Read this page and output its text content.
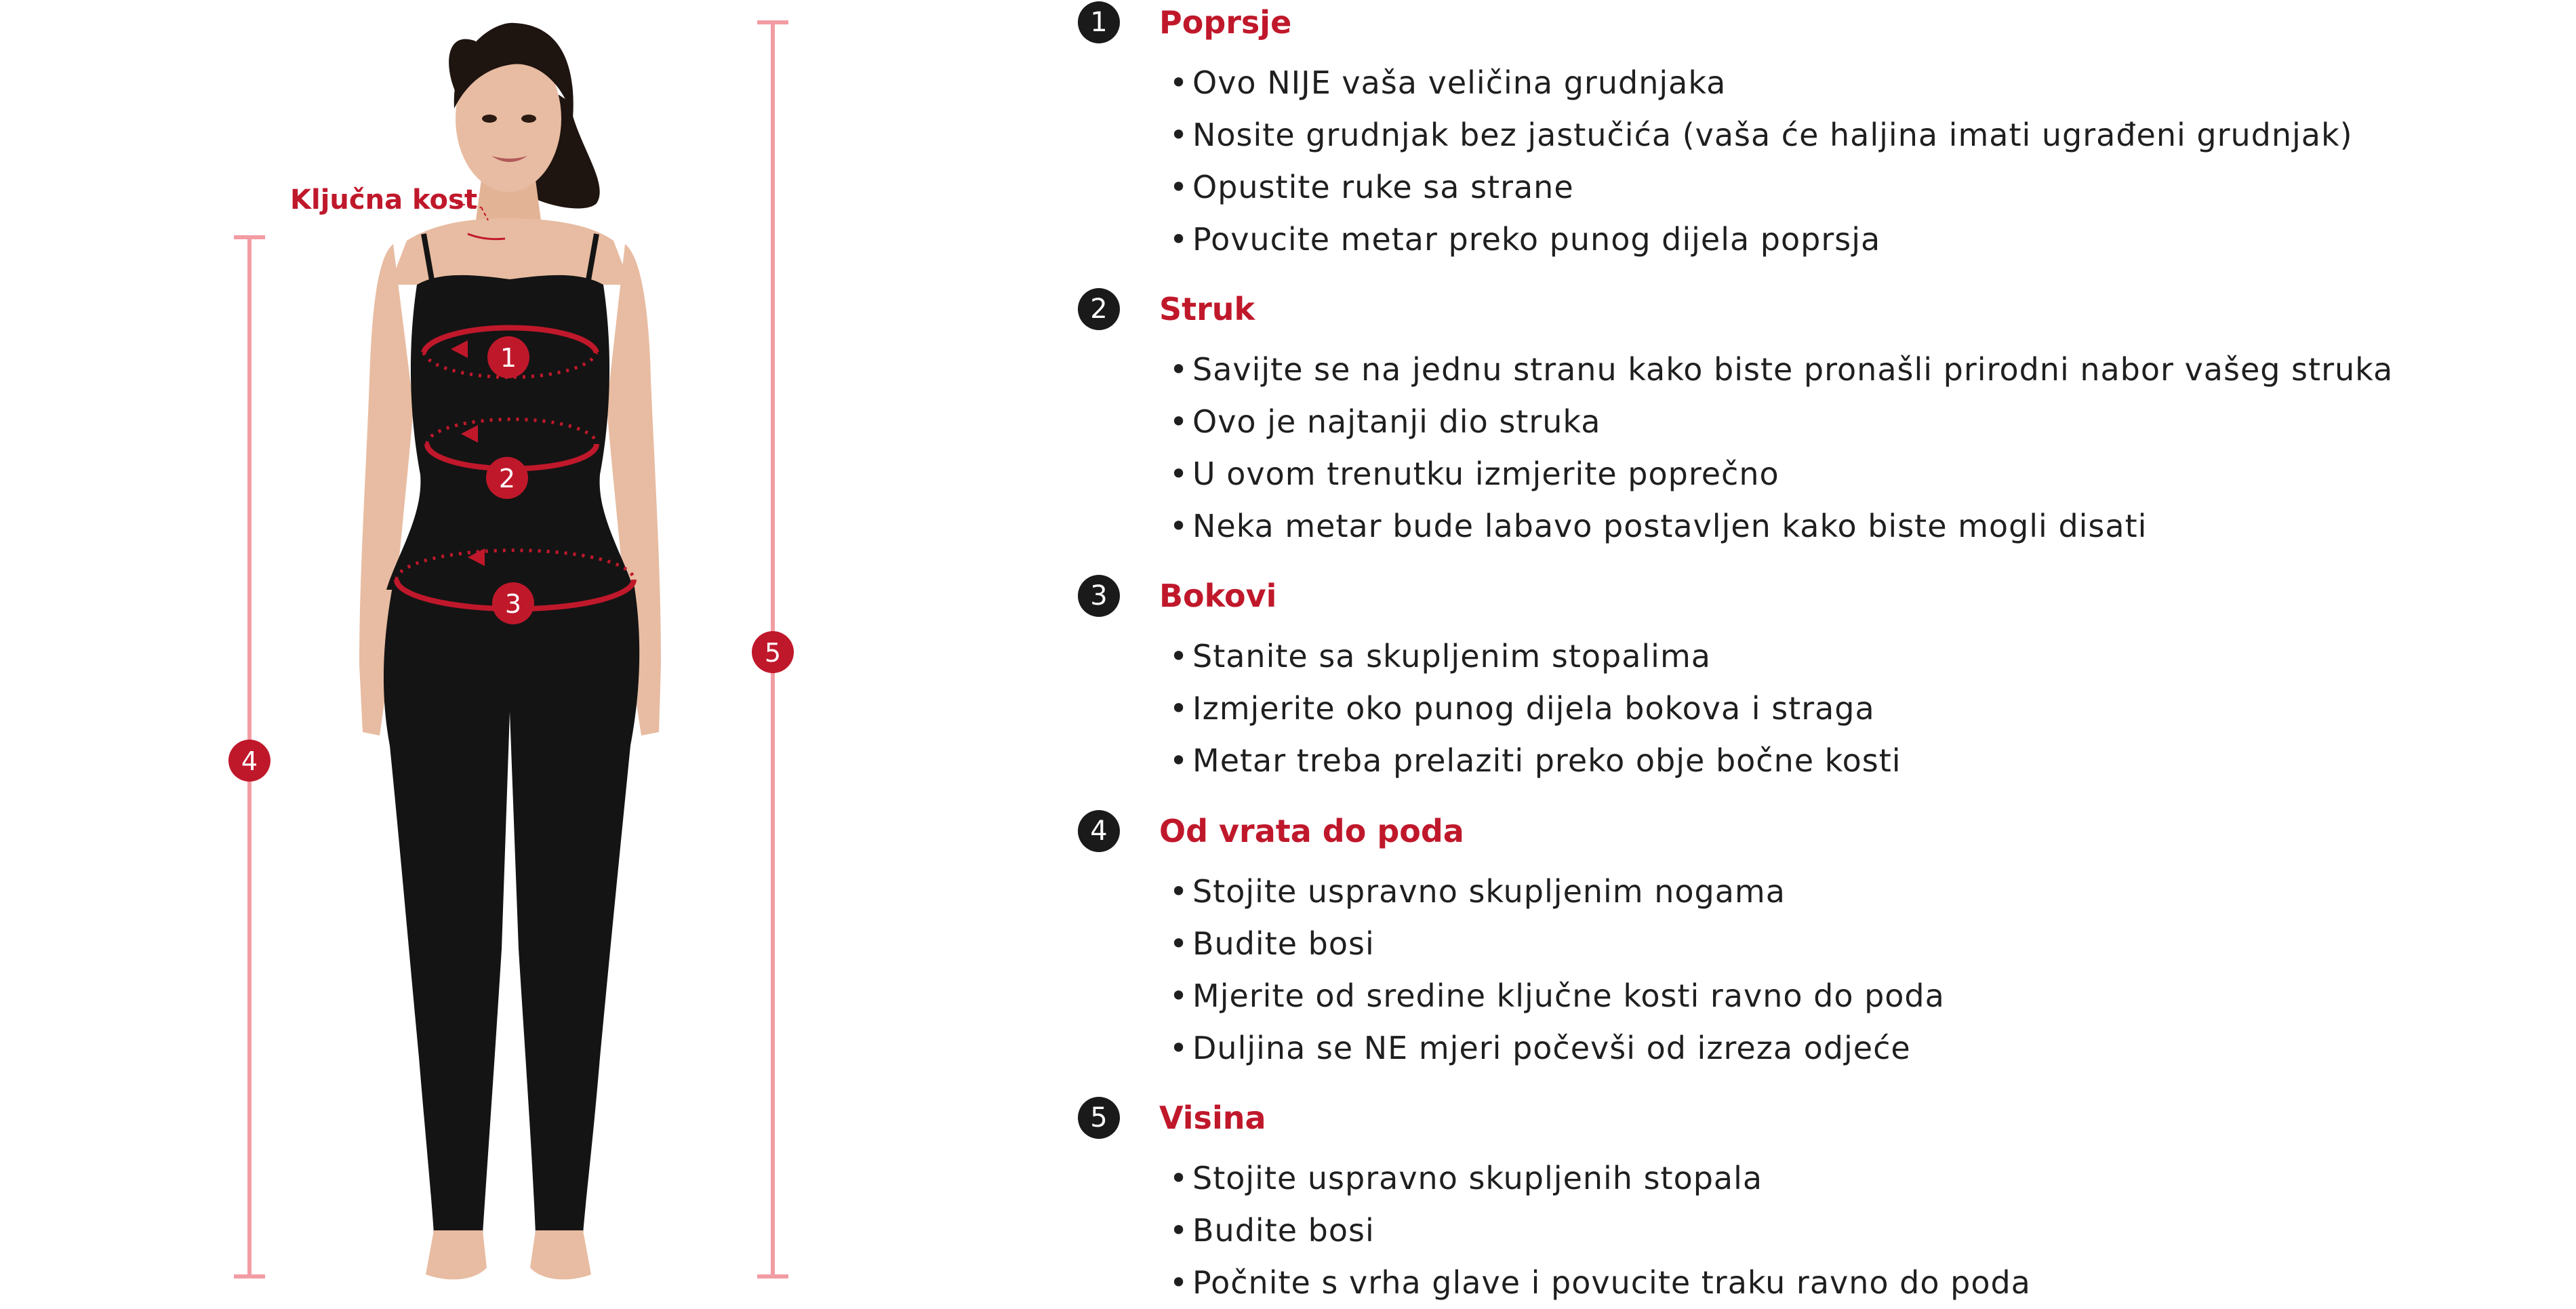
1
2
3
4
5
Ključna kost
1	Poprsje
• Ovo NIJE vaša veličina grudnjaka
• Nosite grudnjak bez jastučića (vaša će haljina imati ugrađeni grudnjak)
• Opustite ruke sa strane
• Povucite metar preko punog dijela poprsja
2	Struk
• Savijte se na jednu stranu kako biste pronašli prirodni nabor vašeg struka
• Ovo je najtanji dio struka
• U ovom trenutku izmjerite poprečno
• Neka metar bude labavo postavljen kako biste mogli disati
3	Bokovi
• Stanite sa skupljenim stopalima
• Izmjerite oko punog dijela bokova i straga
• Metar treba prelaziti preko obje bočne kosti
4	Od vrata do poda
• Stojite uspravno skupljenim nogama
• Budite bosi
• Mjerite od sredine ključne kosti ravno do poda
• Duljina se NE mjeri počevši od izreza odjeće
5	Visina
• Stojite uspravno skupljenih stopala
• Budite bosi
• Počnite s vrha glave i povucite traku ravno do poda
